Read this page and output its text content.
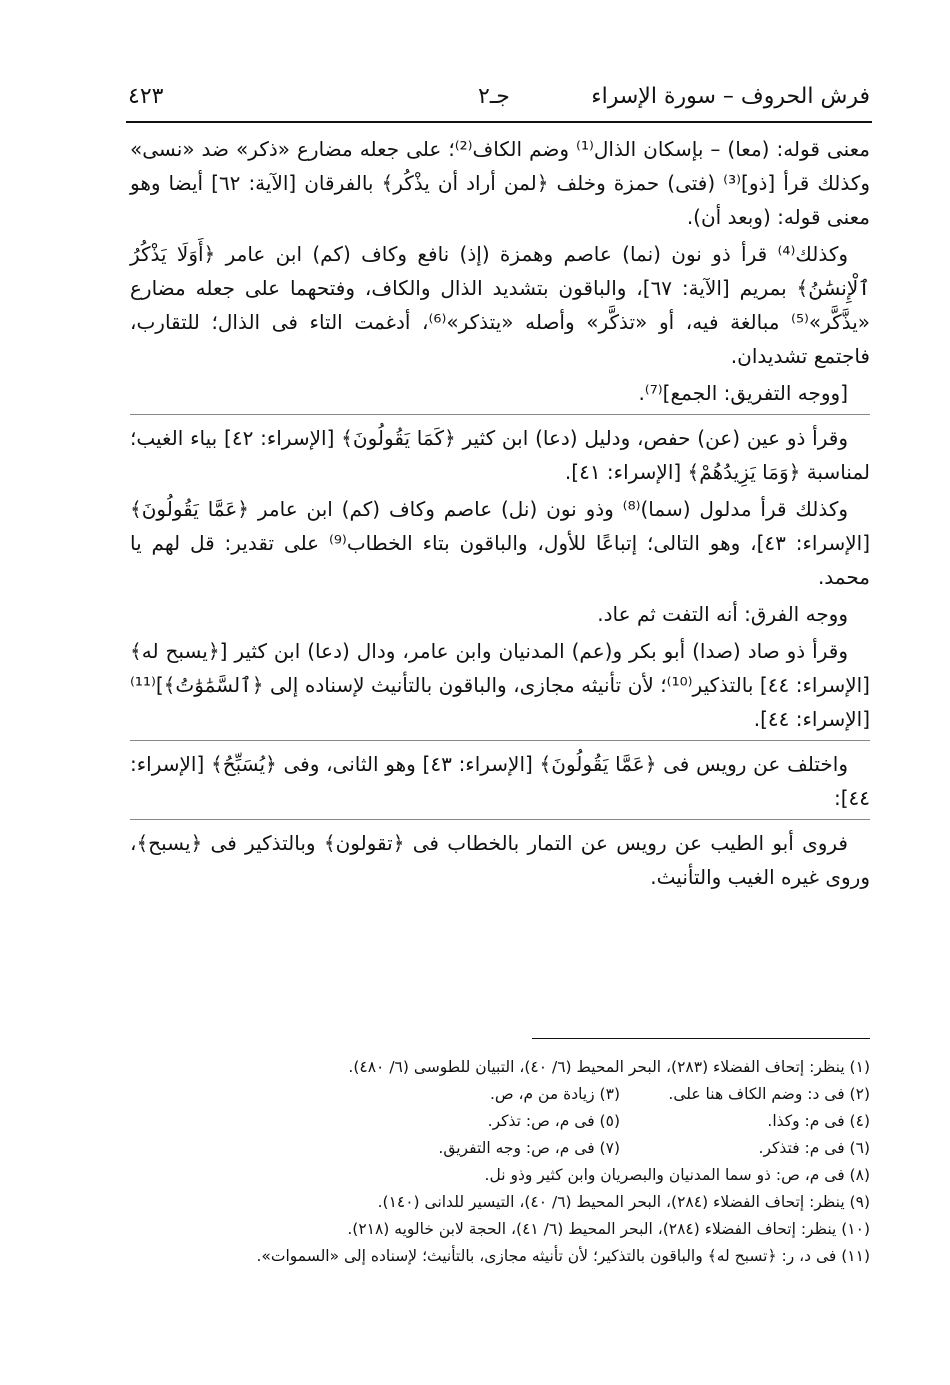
فرش الحروف – سورة الإسراء
جـ٢
٤٢٣

معنى قوله: (معا) – بإسكان الذال⁽¹⁾ وضم الكاف⁽²⁾؛ على جعله مضارع «ذكر» ضد «نسى» وكذلك قرأ [ذو]⁽³⁾ (فتى) حمزة وخلف ﴿لمن أراد أن يذْكُر﴾ بالفرقان [الآية: ٦٢] أيضا وهو معنى قوله: (وبعد أن).

وكذلك⁽⁴⁾ قرأ ذو نون (نما) عاصم وهمزة (إذ) نافع وكاف (كم) ابن عامر ﴿أَوَلَا يَذْكُرُ ٱلْإِنسَٰنُ﴾ بمريم [الآية: ٦٧]، والباقون بتشديد الذال والكاف، وفتحهما على جعله مضارع «يذَّكَّر»⁽⁵⁾ مبالغة فيه، أو «تذكَّر» وأصله «يتذكر»⁽⁶⁾، أدغمت التاء فى الذال؛ للتقارب، فاجتمع تشديدان.

[ووجه التفريق: الجمع]⁽⁷⁾.

وقرأ ذو عين (عن) حفص، ودليل (دعا) ابن كثير ﴿كَمَا يَقُولُونَ﴾ [الإسراء: ٤٢] بياء الغيب؛ لمناسبة ﴿وَمَا يَزِيدُهُمْ﴾ [الإسراء: ٤١].

وكذلك قرأ مدلول (سما)⁽⁸⁾ وذو نون (نل) عاصم وكاف (كم) ابن عامر ﴿عَمَّا يَقُولُونَ﴾ [الإسراء: ٤٣]، وهو التالى؛ إتباعًا للأول، والباقون بتاء الخطاب⁽⁹⁾ على تقدير: قل لهم يا محمد.

ووجه الفرق: أنه التفت ثم عاد.

وقرأ ذو صاد (صدا) أبو بكر و(عم) المدنيان وابن عامر، ودال (دعا) ابن كثير [﴿يسبح له﴾ [الإسراء: ٤٤] بالتذكير⁽¹⁰⁾؛ لأن تأنيثه مجازى، والباقون بالتأنيث لإسناده إلى ﴿ٱلسَّمَٰوَٰتُ﴾]⁽¹¹⁾ [الإسراء: ٤٤].

واختلف عن رويس فى ﴿عَمَّا يَقُولُونَ﴾ [الإسراء: ٤٣] وهو الثانى، وفى ﴿يُسَبِّحُ﴾ [الإسراء: ٤٤]:

فروى أبو الطيب عن رويس عن التمار بالخطاب فى ﴿تقولون﴾ وبالتذكير فى ﴿يسبح﴾، وروى غيره الغيب والتأنيث.

(١) ينظر: إتحاف الفضلاء (٢٨٣)، البحر المحيط (٦/ ٤٠)، التبيان للطوسى (٦/ ٤٨٠).
(٢) فى د: وضم الكاف هنا على.
(٣) زيادة من م، ص.
(٤) فى م: وكذا.
(٥) فى م، ص: تذكر.
(٦) فى م: فتذكر.
(٧) فى م، ص: وجه التفريق.
(٨) فى م، ص: ذو سما المدنيان والبصريان وابن كثير وذو نل.
(٩) ينظر: إتحاف الفضلاء (٢٨٤)، البحر المحيط (٦/ ٤٠)، التيسير للدانى (١٤٠).
(١٠) ينظر: إتحاف الفضلاء (٢٨٤)، البحر المحيط (٦/ ٤١)، الحجة لابن خالويه (٢١٨).
(١١) فى د، ر: ﴿تسبح له﴾ والباقون بالتذكير؛ لأن تأنيثه مجازى، بالتأنيث؛ لإسناده إلى «السموات».
